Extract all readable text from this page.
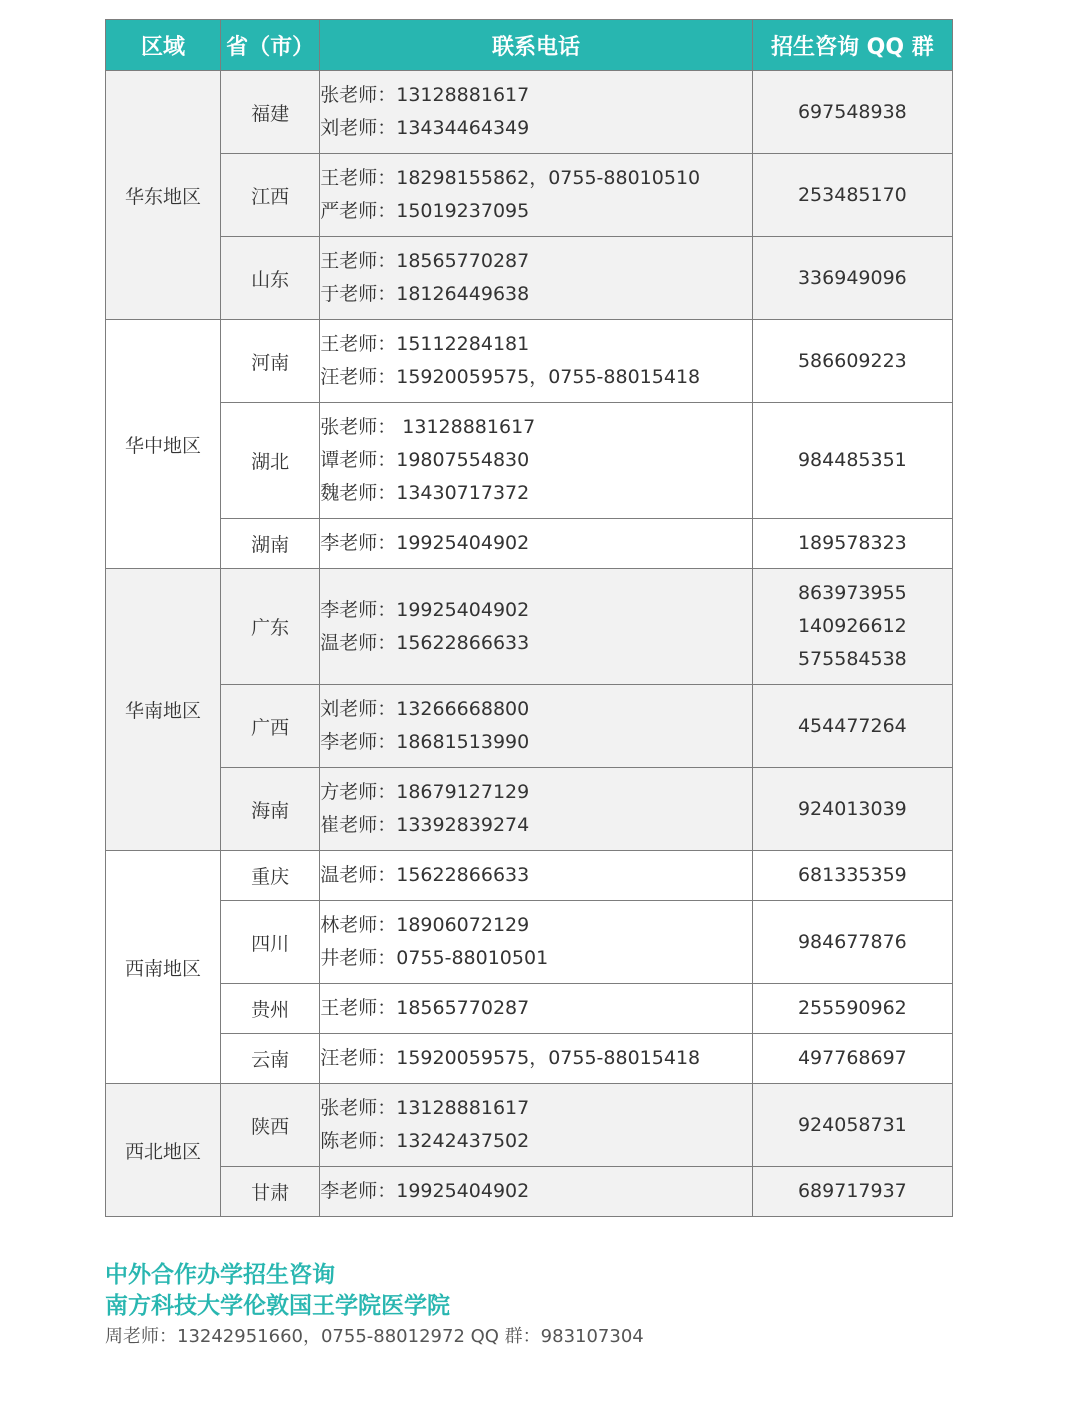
区域	省（市）	联系电话	招生咨询 QQ 群
华东地区	福建	张老师：13128881617
刘老师：13434464349	697548938

	江西	王老师：18298155862，0755-88010510
严老师：15019237095	253485170

	山东	王老师：18565770287
于老师：18126449638	336949096

华中地区	河南	王老师：15112284181
汪老师：15920059575，0755-88015418	586609223

	湖北	张老师： 13128881617
谭老师：19807554830
魏老师：13430717372	984485351

	湖南	李老师：19925404902	189578323

华南地区	广东	李老师：19925404902
温老师：15622866633	863973955
140926612
575584538

	广西	刘老师：13266668800
李老师：18681513990	454477264

	海南	方老师：18679127129
崔老师：13392839274	924013039

西南地区	重庆	温老师：15622866633	681335359

	四川	林老师：18906072129
井老师：0755-88010501	984677876

	贵州	王老师：18565770287	255590962

	云南	汪老师：15920059575，0755-88015418	497768697

西北地区	陕西	张老师：13128881617
陈老师：13242437502	924058731

	甘肃	李老师：19925404902	689717937
中外合作办学招生咨询
南方科技大学伦敦国王学院医学院
周老师：13242951660，0755-88012972 QQ 群：983107304
